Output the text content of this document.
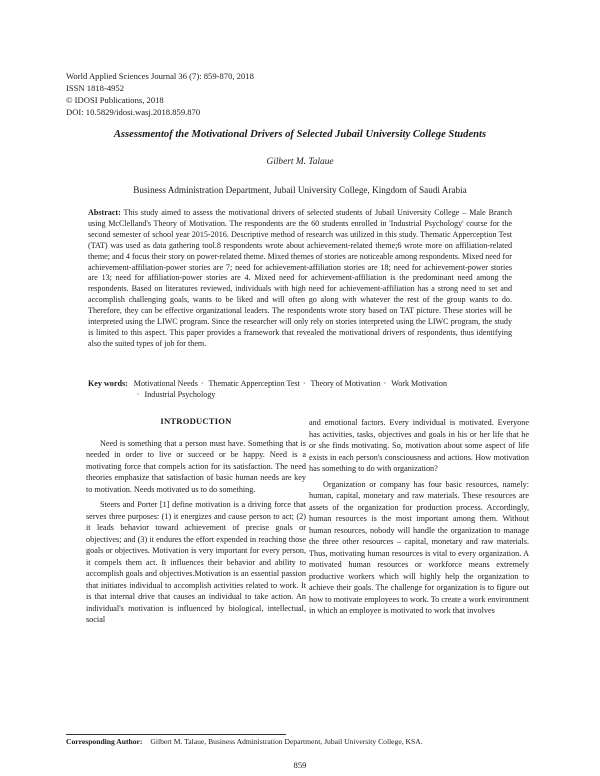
World Applied Sciences Journal 36 (7): 859-870, 2018
ISSN 1818-4952
© IDOSI Publications, 2018
DOI: 10.5829/idosi.wasj.2018.859.870
Assessmentof the Motivational Drivers of Selected Jubail University College Students
Gilbert M. Talaue
Business Administration Department, Jubail University College, Kingdom of Saudi Arabia
Abstract: This study aimed to assess the motivational drivers of selected students of Jubail University College – Male Branch using McClelland's Theory of Motivation. The respondents are the 60 students enrolled in 'Industrial Psychology' course for the second semester of school year 2015-2016. Descriptive method of research was utilized in this study. Thematic Apperception Test (TAT) was used as data gathering tool.8 respondents wrote about achievement-related theme;6 wrote more on affiliation-related theme; and 4 focus their story on power-related theme. Mixed themes of stories are noticeable among respondents. Mixed need for achievement-affiliation-power stories are 7; need for achievement-affiliation stories are 18; need for achievement-power stories are 13; need for affiliation-power stories are 4. Mixed need for achievement-affiliation is the predominant need among the respondents. Based on literatures reviewed, individuals with high need for achievement-affiliation has a strong need to set and accomplish challenging goals, wants to be liked and will often go along with whatever the rest of the group wants to do. Therefore, they can be effective organizational leaders. The respondents wrote story based on TAT picture. These stories will be interpreted using the LIWC program. Since the researcher will only rely on stories interpreted using the LIWC program, the study is limited to this aspect. This paper provides a framework that revealed the motivational drivers of respondents, thus identifying also the suited types of job for them.
Key words: Motivational Needs · Thematic Apperception Test · Theory of Motivation · Work Motivation
· Industrial Psychology
INTRODUCTION

Need is something that a person must have. Something that is needed in order to live or succeed or be happy. Need is a motivating force that compels action for its satisfaction. The need theories emphasize that satisfaction of basic human needs are key to motivation. Needs motivated us to do something.

Steers and Porter [1] define motivation is a driving force that serves three purposes: (1) it energizes and cause person to act; (2) it leads behavior toward achievement of precise goals or objectives; and (3) it endures the effort expended in reaching those goals or objectives. Motivation is very important for every person, it compels them act. It influences their behavior and ability to accomplish goals and objectives.Motivation is an essential passion that initiates individual to accomplish activities related to work. It is that internal drive that causes an individual to take action. An individual's motivation is influenced by biological, intellectual, social

and emotional factors. Every individual is motivated. Everyone has activities, tasks, objectives and goals in his or her life that he or she finds motivating. So, motivation about some aspect of life exists in each person's consciousness and actions. How motivation has something to do with organization?

Organization or company has four basic resources, namely: human, capital, monetary and raw materials. These resources are assets of the organization for production process. Accordingly, human resources is the most important among them. Without human resources, nobody will handle the organization to manage the three other resources – capital, monetary and raw materials. Thus, motivating human resources is vital to every organization. A motivated human resources or workforce means extremely productive workers which will highly help the organization to achieve their goals. The challenge for organization is to figure out how to motivate employees to work. To create a work environment in which an employee is motivated to work that involves

Corresponding Author: Gilbert M. Talaue, Business Administration Department, Jubail University College, KSA.
859
